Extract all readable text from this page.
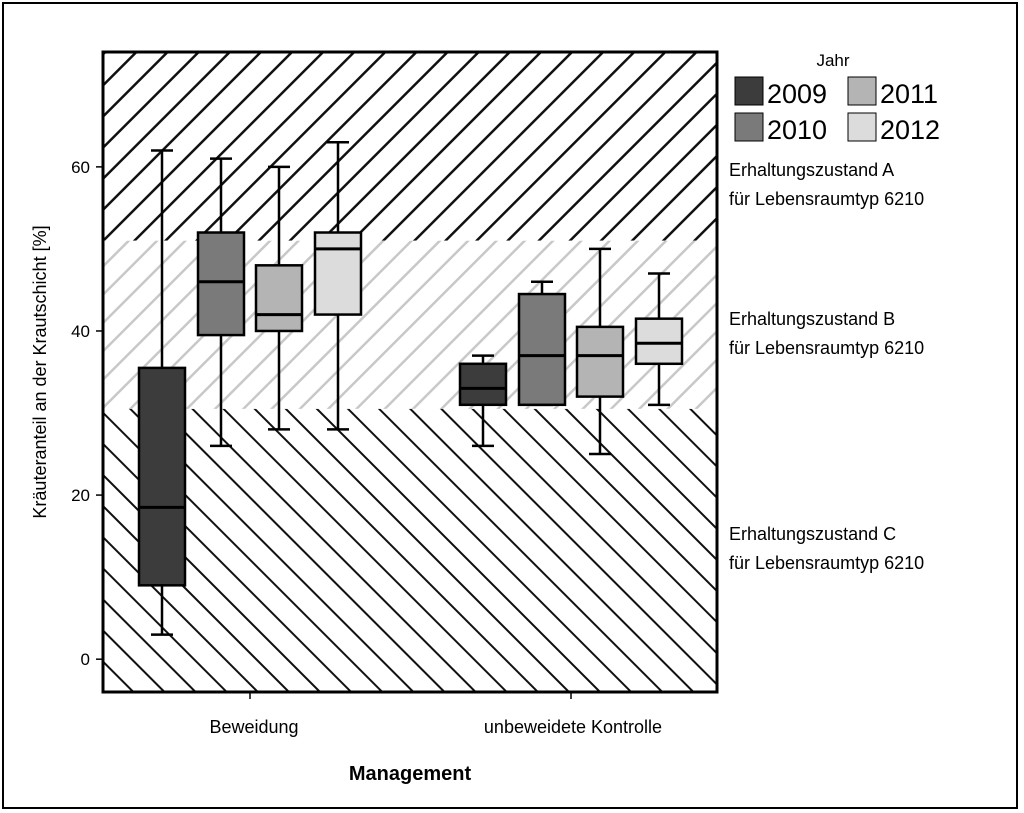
0
20
40
60
Beweidung	unbeweidete Kontrolle
Kräuteranteil an der Krautschicht [%]
Management
Jahr
2009 2011
2010 2012
Erhaltungszustand A
für Lebensraumtyp 6210
Erhaltungszustand B
für Lebensraumtyp 6210
Erhaltungszustand C
für Lebensraumtyp 6210
